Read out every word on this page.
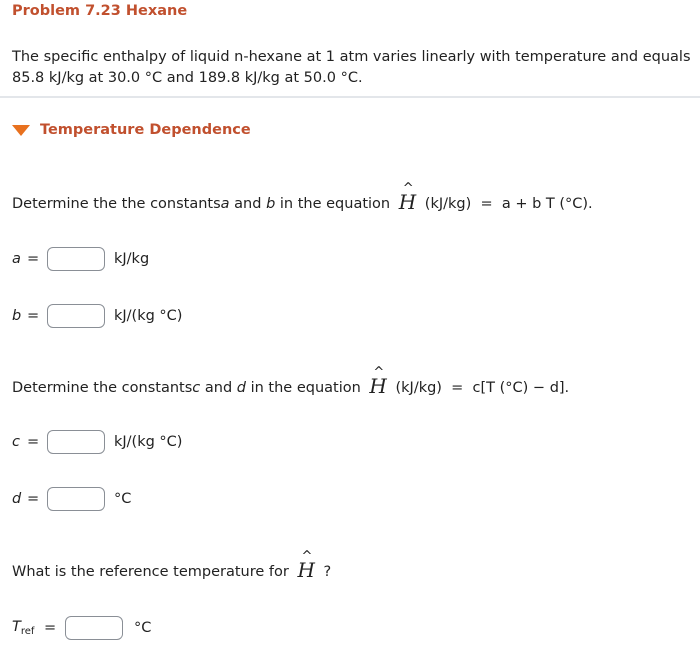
Problem 7.23 Hexane
The specific enthalpy of liquid n-hexane at 1 atm varies linearly with temperature and equals 85.8 kJ/kg at 30.0 °C and 189.8 kJ/kg at 50.0 °C.
Temperature Dependence
Determine the the constants a and b in the equation ^ H (kJ/kg)  =  a + b T (°C).
a =	kJ/kg
b =	kJ/(kg °C)
Determine the constants c and d in the equation ^ H (kJ/kg)  =  c[T (°C) − d].
c =	kJ/(kg °C)
d =	°C
What is the reference temperature for ^ H ?
$T_{ref}$ =	°C
